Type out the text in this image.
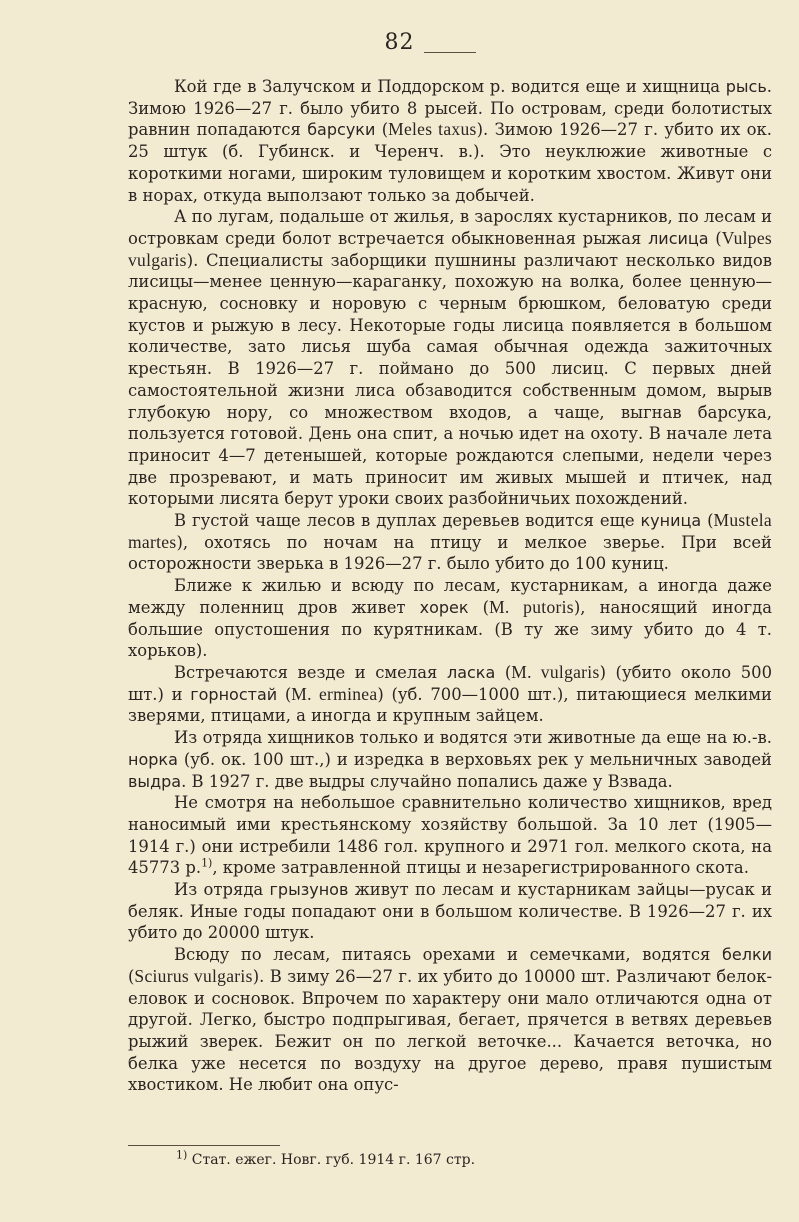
82

Кой где в Залучском и Поддорском р. водится еще и хищница рысь. Зимою 1926—27 г. было убито 8 рысей. По островам, среди болотистых равнин попадаются барсуки (Meles taxus). Зимою 1926—27 г. убито их ок. 25 штук (б. Губинск. и Черенч. в.). Это неуклюжие животные с короткими ногами, широким туловищем и коротким хвостом. Живут они в норах, откуда выползают только за добычей.

А по лугам, подальше от жилья, в зарослях кустарников, по лесам и островкам среди болот встречается обыкновенная рыжая лисица (Vulpes vulgaris). Специалисты заборщики пушнины различают несколько видов лисицы—менее ценную—караганку, похожую на волка, более ценную—красную, сосновку и норовую с черным брюшком, беловатую среди кустов и рыжую в лесу. Некоторые годы лисица появляется в большом количестве, зато лисья шуба самая обычная одежда зажиточных крестьян. В 1926—27 г. поймано до 500 лисиц. С первых дней самостоятельной жизни лиса обзаводится собственным домом, вырыв глубокую нору, со множеством входов, а чаще, выгнав барсука, пользуется готовой. День она спит, а ночью идет на охоту. В начале лета приносит 4—7 детенышей, которые рождаются слепыми, недели через две прозревают, и мать приносит им живых мышей и птичек, над которыми лисята берут уроки своих разбойничьих похождений.

В густой чаще лесов в дуплах деревьев водится еще куница (Mustela martes), охотясь по ночам на птицу и мелкое зверье. При всей осторожности зверька в 1926—27 г. было убито до 100 куниц.

Ближе к жилью и всюду по лесам, кустарникам, а иногда даже между поленниц дров живет хорек (M. putoris), наносящий иногда большие опустошения по курятникам. (В ту же зиму убито до 4 т. хорьков).

Встречаются везде и смелая ласка (M. vulgaris) (убито около 500 шт.) и горностай (M. erminea) (уб. 700—1000 шт.), питающиеся мелкими зверями, птицами, а иногда и крупным зайцем.

Из отряда хищников только и водятся эти животные да еще на ю.-в. норка (уб. ок. 100 шт.,) и изредка в верховьях рек у мельничных заводей выдра. В 1927 г. две выдры случайно попались даже у Взвада.

Не смотря на небольшое сравнительно количество хищников, вред наносимый ими крестьянскому хозяйству большой. За 10 лет (1905—1914 г.) они истребили 1486 гол. крупного и 2971 гол. мелкого скота, на 45773 р.$^{1)}$, кроме затравленной птицы и незарегистрированного скота.

Из отряда грызунов живут по лесам и кустарникам зайцы—русак и беляк. Иные годы попадают они в большом количестве. В 1926—27 г. их убито до 20000 штук.

Всюду по лесам, питаясь орехами и семечками, водятся белки (Sciurus vulgaris). В зиму 26—27 г. их убито до 10000 шт. Различают белок-еловок и сосновок. Впрочем по характеру они мало отличаются одна от другой. Легко, быстро подпрыгивая, бегает, прячется в ветвях деревьев рыжий зверек. Бежит он по легкой веточке... Качается веточка, но белка уже несется по воздуху на другое дерево, правя пушистым хвостиком. Не любит она опус-

$^{1)}$ Стат. ежег. Новг. губ. 1914 г. 167 стр.
